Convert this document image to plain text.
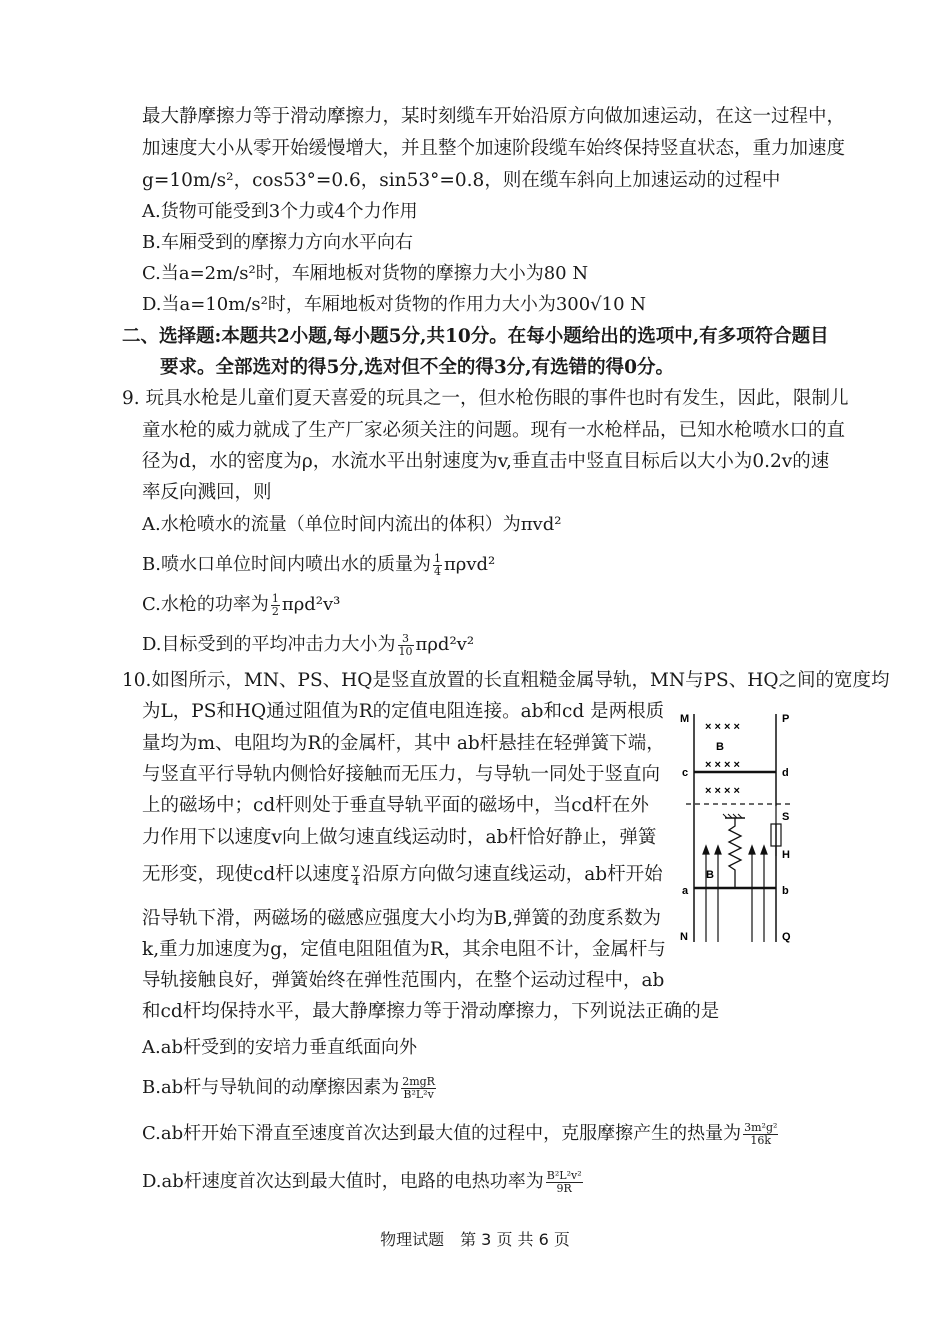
最大静摩擦力等于滑动摩擦力，某时刻缆车开始沿原方向做加速运动，在这一过程中，
加速度大小从零开始缓慢增大，并且整个加速阶段缆车始终保持竖直状态，重力加速度
g=10m/s²，cos53°=0.6，sin53°=0.8，则在缆车斜向上加速运动的过程中
A.货物可能受到3个力或4个力作用
B.车厢受到的摩擦力方向水平向右
C.当a=2m/s²时，车厢地板对货物的摩擦力大小为80 N
D.当a=10m/s²时，车厢地板对货物的作用力大小为300√10 N
二、选择题:本题共2小题,每小题5分,共10分。在每小题给出的选项中,有多项符合题目
要求。全部选对的得5分,选对但不全的得3分,有选错的得0分。
9. 玩具水枪是儿童们夏天喜爱的玩具之一，但水枪伤眼的事件也时有发生，因此，限制儿
童水枪的威力就成了生产厂家必须关注的问题。现有一水枪样品，已知水枪喷水口的直
径为d，水的密度为ρ，水流水平出射速度为v,垂直击中竖直目标后以大小为0.2v的速
率反向溅回，则
A.水枪喷水的流量（单位时间内流出的体积）为πvd²
B.喷水口单位时间内喷出水的质量为 $\frac{1}{4} \pi\rho vd^2$
C.水枪的功率为 $\frac{1}{2} \pi\rho d^2v^3$
D.目标受到的平均冲击力大小为 $\frac{3}{10} \pi\rho d^2v^2$
10.如图所示，MN、PS、HQ是竖直放置的长直粗糙金属导轨，MN与PS、HQ之间的宽度均
为L，PS和HQ通过阻值为R的定值电阻连接。ab和cd 是两根质
量均为m、电阻均为R的金属杆，其中 ab杆悬挂在轻弹簧下端，
与竖直平行导轨内侧恰好接触而无压力，与导轨一同处于竖直向
上的磁场中；cd杆则处于垂直导轨平面的磁场中，当cd杆在外
力作用下以速度v向上做匀速直线运动时，ab杆恰好静止，弹簧
无形变，现使cd杆以速度 $\frac{v}{4}$ 沿原方向做匀速直线运动，ab杆开始
沿导轨下滑，两磁场的磁感应强度大小均为B,弹簧的劲度系数为
k,重力加速度为g，定值电阻阻值为R，其余电阻不计，金属杆与
导轨接触良好，弹簧始终在弹性范围内，在整个运动过程中，ab
和cd杆均保持水平，最大静摩擦力等于滑动摩擦力，下列说法正确的是
A.ab杆受到的安培力垂直纸面向外
B.ab杆与导轨间的动摩擦因素为 $\frac{\text{2mgR}}{\text{B²L²v}}$
C.ab杆开始下滑直至速度首次达到最大值的过程中，克服摩擦产生的热量为 $\frac{\text{3m²g²}}{16k}$
D.ab杆速度首次达到最大值时，电路的电热功率为 $\frac{\text{B²L²v²}}{9R}$
× × × ×
× × × ×
× × × ×
M	P
B
c	d
S
H
B
a	b
N	Q
物理试题　第 3 页 共 6 页
